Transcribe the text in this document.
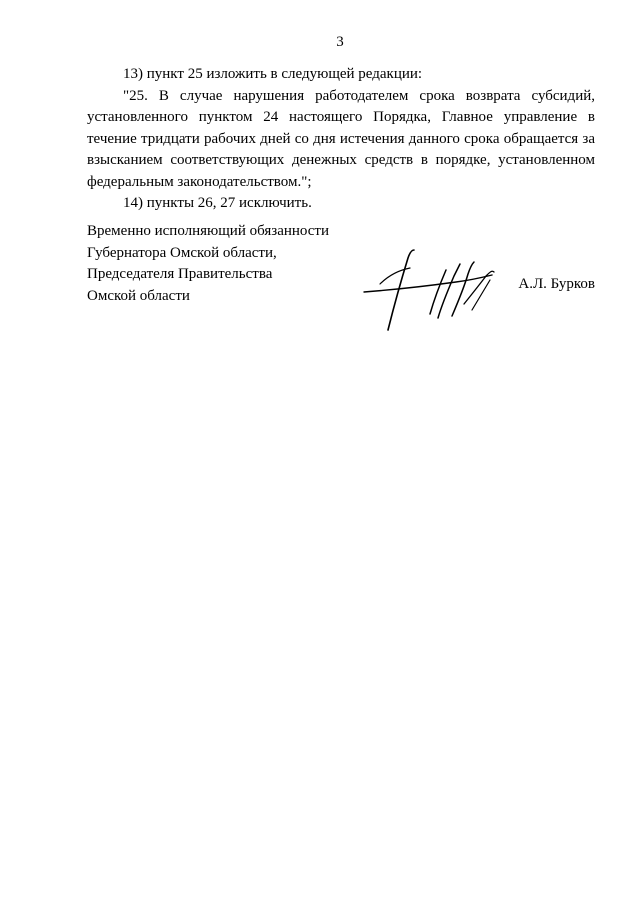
3

13) пункт 25 изложить в следующей редакции:

"25. В случае нарушения работодателем срока возврата субсидий, установленного пунктом 24 настоящего Порядка, Главное управление в течение тридцати рабочих дней со дня истечения данного срока обращается за взысканием соответствующих денежных средств в порядке, установленном федеральным законодательством.";

14) пункты 26, 27 исключить.

Временно исполняющий обязанности
Губернатора Омской области,
Председателя Правительства
Омской области
А.Л. Бурков
